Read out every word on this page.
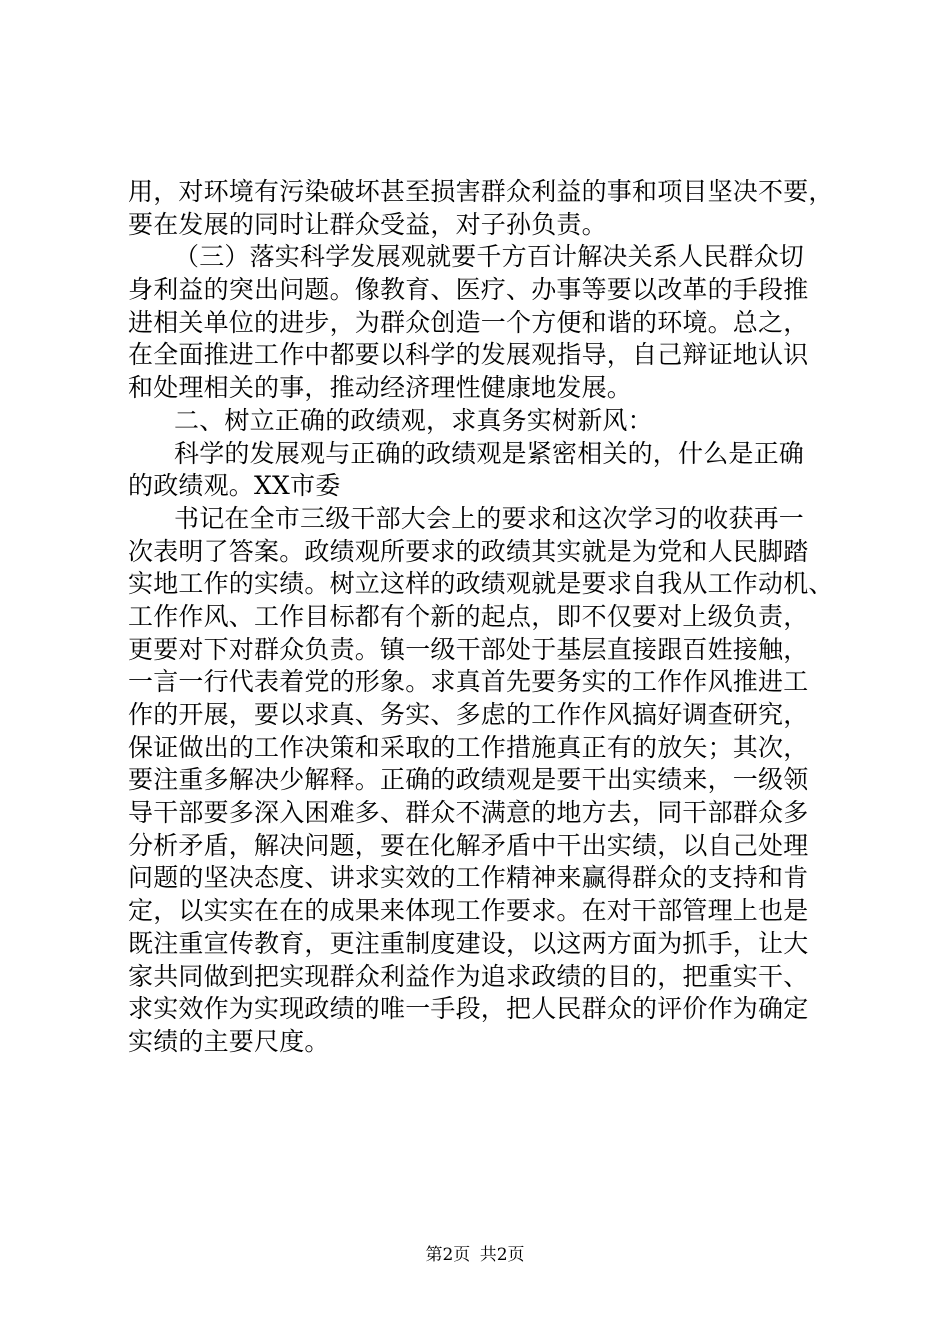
用，对环境有污染破坏甚至损害群众利益的事和项目坚决不要，
要在发展的同时让群众受益，对子孙负责。
（三）落实科学发展观就要千方百计解决关系人民群众切
身利益的突出问题。像教育、医疗、办事等要以改革的手段推
进相关单位的进步，为群众创造一个方便和谐的环境。总之，
在全面推进工作中都要以科学的发展观指导，自己辩证地认识
和处理相关的事，推动经济理性健康地发展。
二、树立正确的政绩观，求真务实树新风：
科学的发展观与正确的政绩观是紧密相关的，什么是正确
的政绩观。XX市委
书记在全市三级干部大会上的要求和这次学习的收获再一
次表明了答案。政绩观所要求的政绩其实就是为党和人民脚踏
实地工作的实绩。树立这样的政绩观就是要求自我从工作动机、
工作作风、工作目标都有个新的起点，即不仅要对上级负责，
更要对下对群众负责。镇一级干部处于基层直接跟百姓接触，
一言一行代表着党的形象。求真首先要务实的工作作风推进工
作的开展，要以求真、务实、多虑的工作作风搞好调查研究，
保证做出的工作决策和采取的工作措施真正有的放矢；其次，
要注重多解决少解释。正确的政绩观是要干出实绩来，一级领
导干部要多深入困难多、群众不满意的地方去，同干部群众多
分析矛盾，解决问题，要在化解矛盾中干出实绩，以自己处理
问题的坚决态度、讲求实效的工作精神来赢得群众的支持和肯
定，以实实在在的成果来体现工作要求。在对干部管理上也是
既注重宣传教育，更注重制度建设，以这两方面为抓手，让大
家共同做到把实现群众利益作为追求政绩的目的，把重实干、
求实效作为实现政绩的唯一手段，把人民群众的评价作为确定
实绩的主要尺度。
第2页 共2页
